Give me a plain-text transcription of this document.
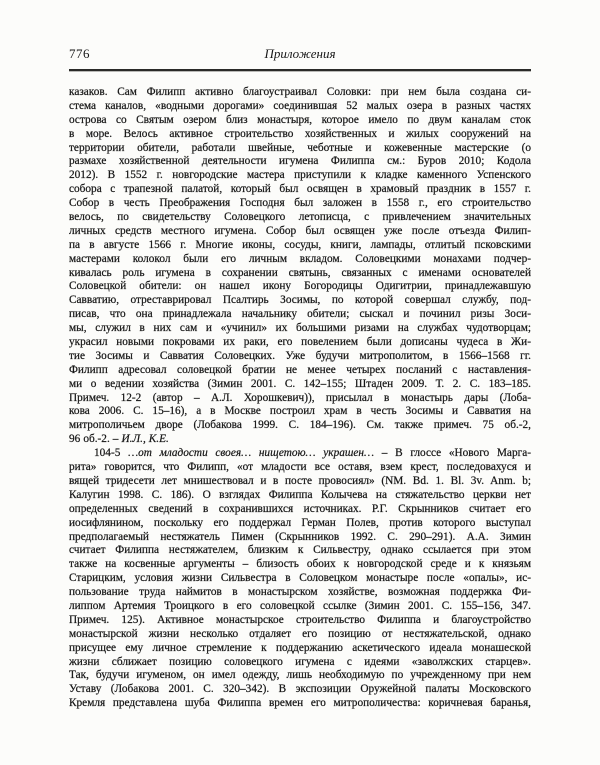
776	Приложения
казаков. Сам Филипп активно благоустраивал Соловки: при нем была создана си-
стема каналов, «водными дорогами» соединившая 52 малых озера в разных частях
острова со Святым озером близ монастыря, которое имело по двум каналам сток
в море. Велось активное строительство хозяйственных и жилых сооружений на
территории обители, работали швейные, чеботные и кожевенные мастерские (о
размахе хозяйственной деятельности игумена Филиппа см.: Буров 2010; Кодола
2012). В 1552 г. новгородские мастера приступили к кладке каменного Успенского
собора с трапезной палатой, который был освящен в храмовый праздник в 1557 г.
Собор в честь Преображения Господня был заложен в 1558 г., его строительство
велось, по свидетельству Соловецкого летописца, с привлечением значительных
личных средств местного игумена. Собор был освящен уже после отъезда Филип-
па в августе 1566 г. Многие иконы, сосуды, книги, лампады, отлитый псковскими
мастерами колокол были его личным вкладом. Соловецкими монахами подчер-
кивалась роль игумена в сохранении святынь, связанных с именами основателей
Соловецкой обители: он нашел икону Богородицы Одигитрии, принадлежавшую
Савватию, отреставрировал Псалтирь Зосимы, по которой совершал службу, под-
писав, что она принадлежала начальнику обители; сыскал и починил ризы Зоси-
мы, служил в них сам и «учинил» их большими ризами на службах чудотворцам;
украсил новыми покровами их раки, его повелением были дописаны чудеса в Жи-
тие Зосимы и Савватия Соловецких. Уже будучи митрополитом, в 1566–1568 гг.
Филипп адресовал соловецкой братии не менее четырех посланий с наставления-
ми о ведении хозяйства (Зимин 2001. С. 142–155; Штаден 2009. Т. 2. С. 183–185.
Примеч. 12-2 (автор – А.Л. Хорошкевич)), присылал в монастырь дары (Лоба-
кова 2006. С. 15–16), а в Москве построил храм в честь Зосимы и Савватия на
митрополичьем дворе (Лобакова 1999. С. 184–196). См. также примеч. 75 об.-2,
96 об.-2. – И.Л., К.Е.
104-5 …от младости своея… нищетою… украшен… – В глоссе «Нового Марга-
рита» говорится, что Филипп, «от младости все оставя, взем крест, последовахуся и
вящей тридесети лет мнишествовал и в посте провосиял» (NM. Bd. 1. Bl. 3v. Anm. b;
Калугин 1998. С. 186). О взглядах Филиппа Колычева на стяжательство церкви нет
определенных сведений в сохранившихся источниках. Р.Г. Скрынников считает его
иосифлянином, поскольку его поддержал Герман Полев, против которого выступал
предполагаемый нестяжатель Пимен (Скрынников 1992. С. 290–291). А.А. Зимин
считает Филиппа нестяжателем, близким к Сильвестру, однако ссылается при этом
также на косвенные аргументы – близость обоих к новгородской среде и к князьям
Старицким, условия жизни Сильвестра в Соловецком монастыре после «опалы», ис-
пользование труда наймитов в монастырском хозяйстве, возможная поддержка Фи-
липпом Артемия Троицкого в его соловецкой ссылке (Зимин 2001. С. 155–156, 347.
Примеч. 125). Активное монастырское строительство Филиппа и благоустройство
монастырской жизни несколько отдаляет его позицию от нестяжательской, однако
присущее ему личное стремление к поддержанию аскетического идеала монашеской
жизни сближает позицию соловецкого игумена с идеями «заволжских старцев».
Так, будучи игуменом, он имел одежду, лишь необходимую по учрежденному при нем
Уставу (Лобакова 2001. С. 320–342). В экспозиции Оружейной палаты Московского
Кремля представлена шуба Филиппа времен его митрополичества: коричневая баранья,
